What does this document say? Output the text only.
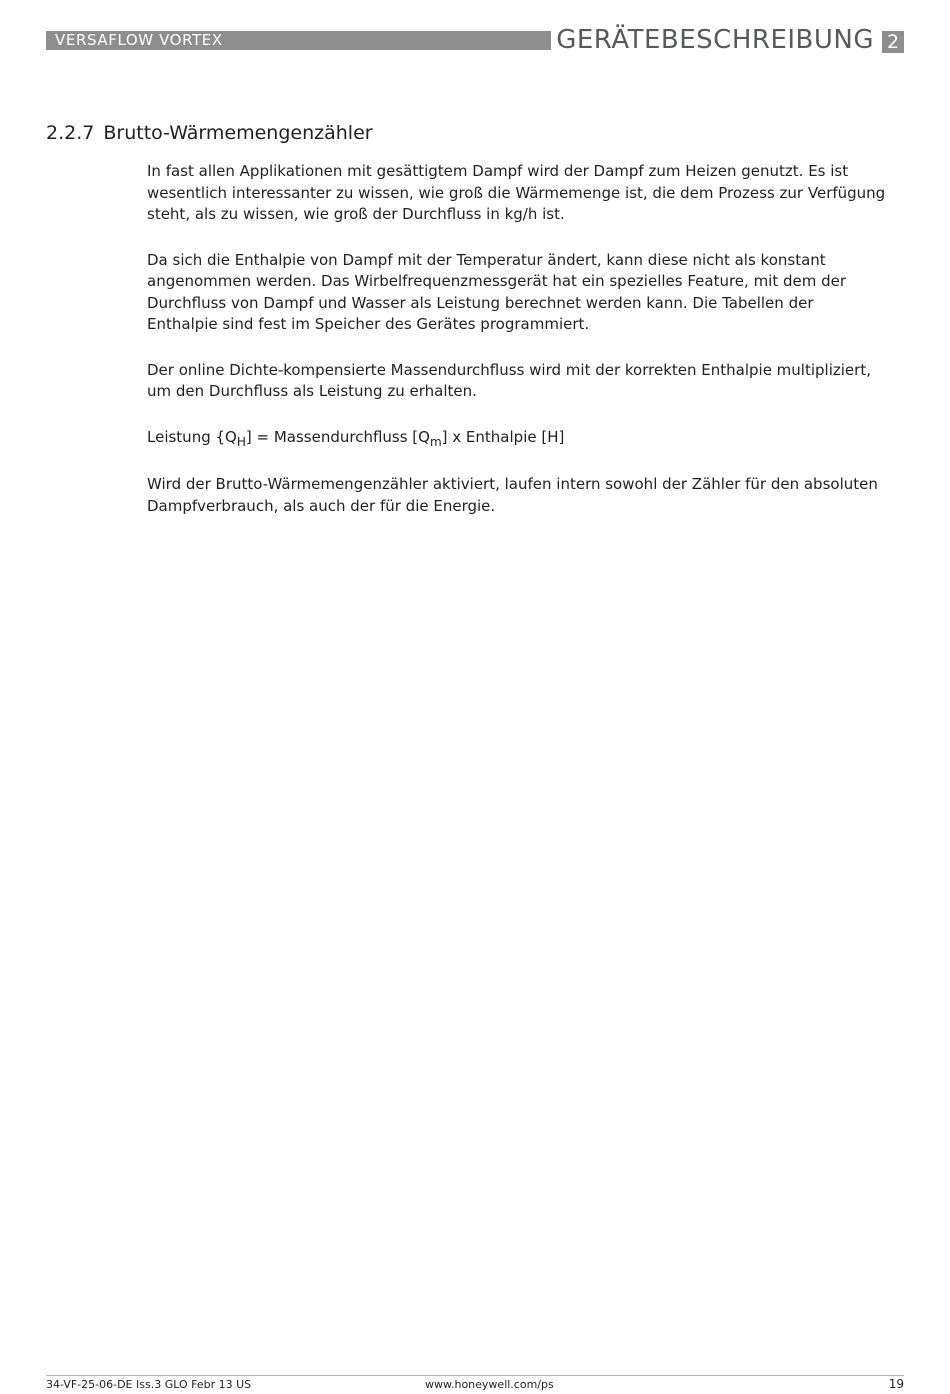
VERSAFLOW VORTEX	GERÄTEBESCHREIBUNG 2
2.2.7 Brutto-Wärmemengenzähler

In fast allen Applikationen mit gesättigtem Dampf wird der Dampf zum Heizen genutzt. Es ist wesentlich interessanter zu wissen, wie groß die Wärmemenge ist, die dem Prozess zur Verfügung steht, als zu wissen, wie groß der Durchfluss in kg/h ist.

Da sich die Enthalpie von Dampf mit der Temperatur ändert, kann diese nicht als konstant angenommen werden. Das Wirbelfrequenzmessgerät hat ein spezielles Feature, mit dem der Durchfluss von Dampf und Wasser als Leistung berechnet werden kann. Die Tabellen der Enthalpie sind fest im Speicher des Gerätes programmiert.

Der online Dichte-kompensierte Massendurchfluss wird mit der korrekten Enthalpie multipliziert, um den Durchfluss als Leistung zu erhalten.

Leistung $\{Q_H]$ = Massendurchfluss $[Q_m]$ x Enthalpie [H]

Wird der Brutto-Wärmemengenzähler aktiviert, laufen intern sowohl der Zähler für den absoluten Dampfverbrauch, als auch der für die Energie.

34-VF-25-06-DE Iss.3 GLO Febr 13 US	www.honeywell.com/ps	19
